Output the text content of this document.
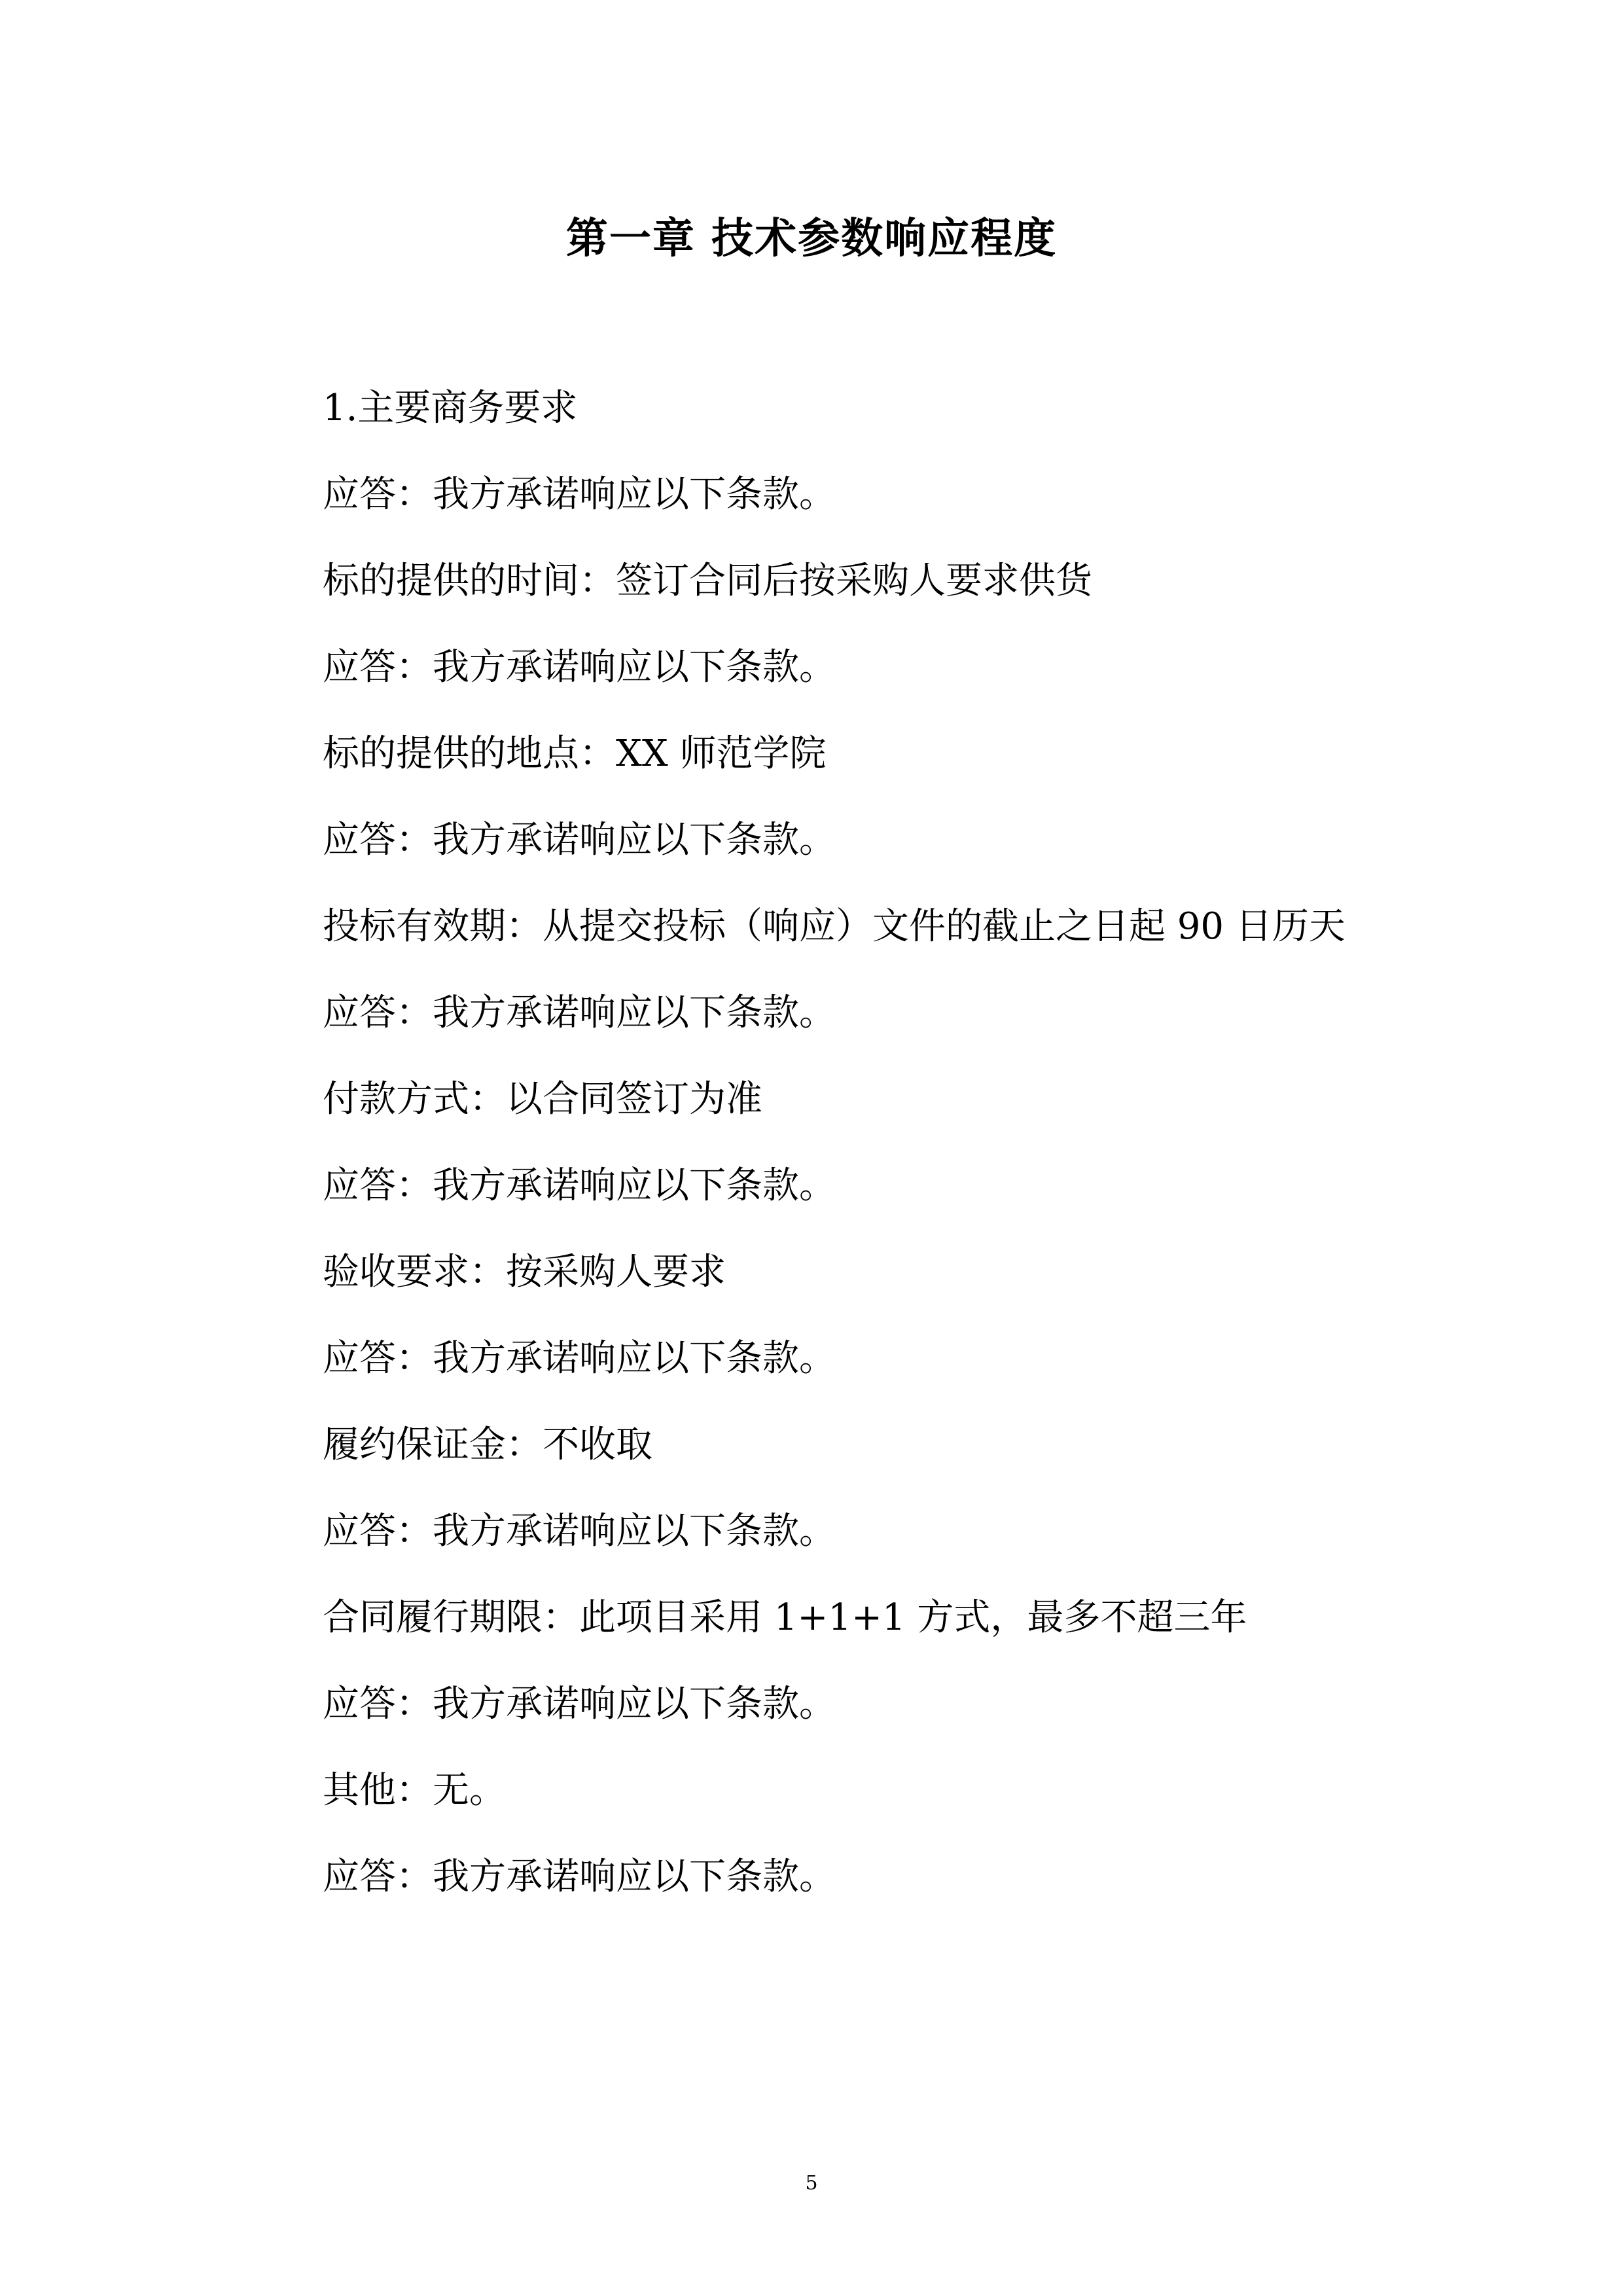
第一章 技术参数响应程度

1.主要商务要求

应答：我方承诺响应以下条款。

标的提供的时间：签订合同后按采购人要求供货

应答：我方承诺响应以下条款。

标的提供的地点：XX 师范学院

应答：我方承诺响应以下条款。

投标有效期：从提交投标（响应）文件的截止之日起 90 日历天

应答：我方承诺响应以下条款。

付款方式：以合同签订为准

应答：我方承诺响应以下条款。

验收要求：按采购人要求

应答：我方承诺响应以下条款。

履约保证金：不收取

应答：我方承诺响应以下条款。

合同履行期限：此项目采用 1+1+1 方式，最多不超三年

应答：我方承诺响应以下条款。

其他：无。

应答：我方承诺响应以下条款。

5
